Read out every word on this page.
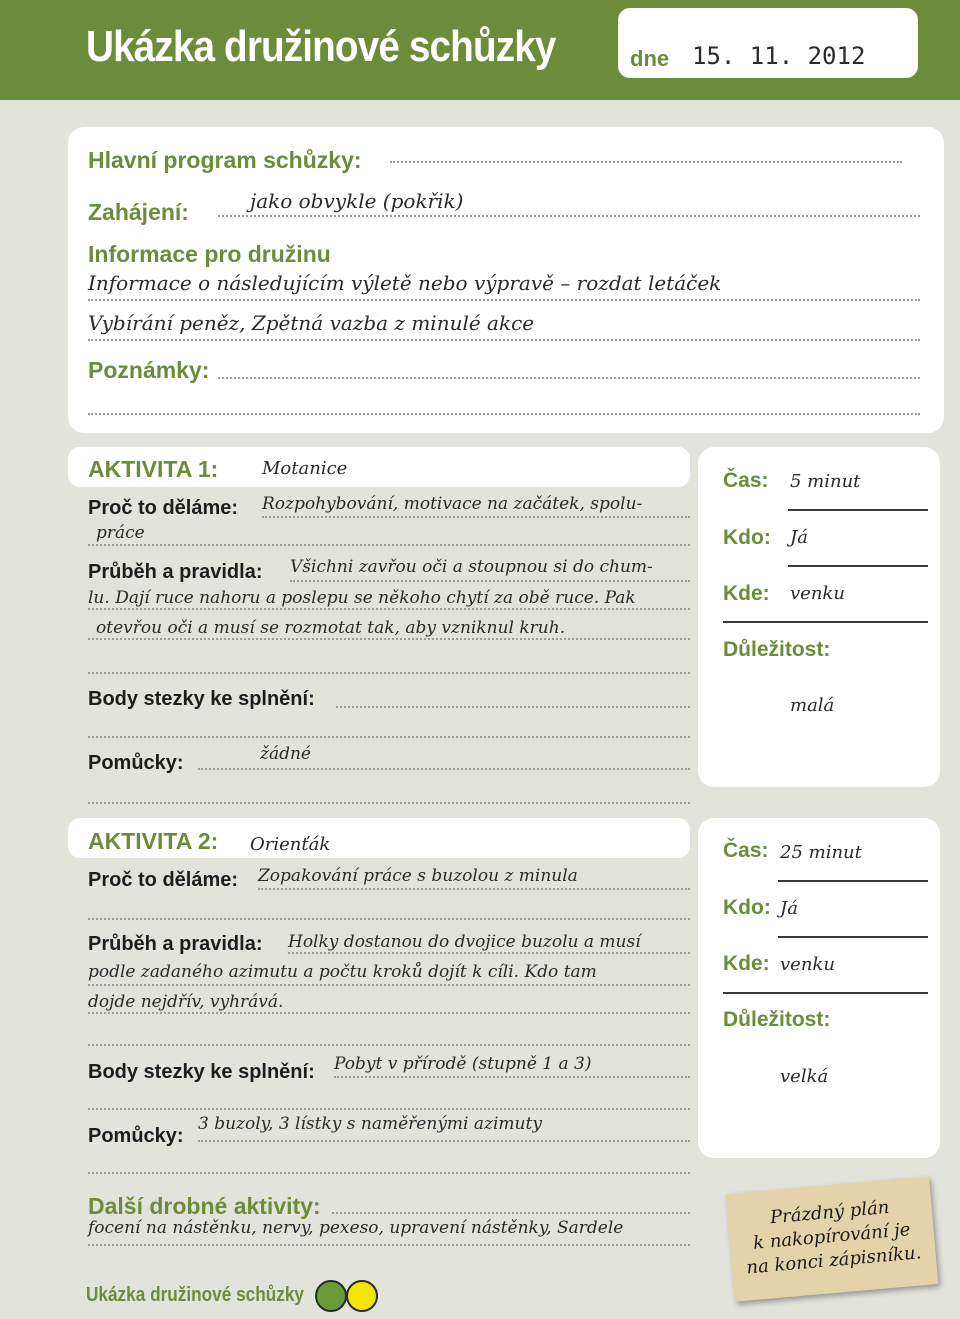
Ukázka družinové schůzky	dne 15. 11. 2012
Hlavní program schůzky:
Zahájení:	jako obvykle (pokřik)
Informace pro družinu
Informace o následujícím výletě nebo výpravě – rozdat letáček
Vybírání peněz, Zpětná vazba z minulé akce
Poznámky:
AKTIVITA 1: Motanice
Proč to děláme: Rozpohybování, motivace na začátek, spolu-
práce
Průběh a pravidla: Všichni zavřou oči a stoupnou si do chum-
lu. Dají ruce nahoru a poslepu se někoho chytí za obě ruce. Pak
otevřou oči a musí se rozmotat tak, aby vzniknul kruh.
Body stezky ke splnění:
Pomůcky:	žádné
Čas: 5 minut
Kdo: Já
Kde: venku
Důležitost:
malá
AKTIVITA 2: Orienťák
Proč to děláme: Zopakování práce s buzolou z minula
Průběh a pravidla: Holky dostanou do dvojice buzolu a musí
podle zadaného azimutu a počtu kroků dojít k cíli. Kdo tam
dojde nejdřív, vyhrává.
Body stezky ke splnění: Pobyt v přírodě (stupně 1 a 3)
Pomůcky:
3 buzoly, 3 lístky s naměřenými azimuty
Čas: 25 minut
Kdo: Já
Kde: venku
Důležitost:
velká
Další drobné aktivity:
focení na nástěnku, nervy, pexeso, upravení nástěnky, Sardele	Prázdný plán
k nakopírování je
na konci zápisníku.
Ukázka družinové schůzky
